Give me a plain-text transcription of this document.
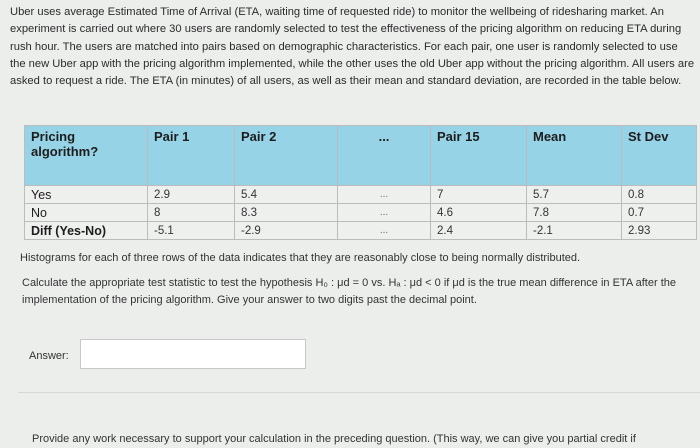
Uber uses average Estimated Time of Arrival (ETA, waiting time of requested ride) to monitor the wellbeing of ridesharing market. An experiment is carried out where 30 users are randomly selected to test the effectiveness of the pricing algorithm on reducing ETA during rush hour. The users are matched into pairs based on demographic characteristics. For each pair, one user is randomly selected to use the new Uber app with the pricing algorithm implemented, while the other uses the old Uber app without the pricing algorithm. All users are asked to request a ride. The ETA (in minutes) of all users, as well as their mean and standard deviation, are recorded in the table below.
Pricing algorithm?	Pair 1	Pair 2	...	Pair 15	Mean	St Dev
Yes	2.9	5.4	...	7	5.7	0.8
No	8	8.3	...	4.6	7.8	0.7
Diff (Yes-No)	-5.1	-2.9	...	2.4	-2.1	2.93
Histograms for each of three rows of the data indicates that they are reasonably close to being normally distributed.
Calculate the appropriate test statistic to test the hypothesis H₀ : μd = 0 vs. Hₐ : μd < 0 if μd is the true mean difference in ETA after the implementation of the pricing algorithm. Give your answer to two digits past the decimal point.
Answer:
Provide any work necessary to support your calculation in the preceding question. (This way, we can give you partial credit if
